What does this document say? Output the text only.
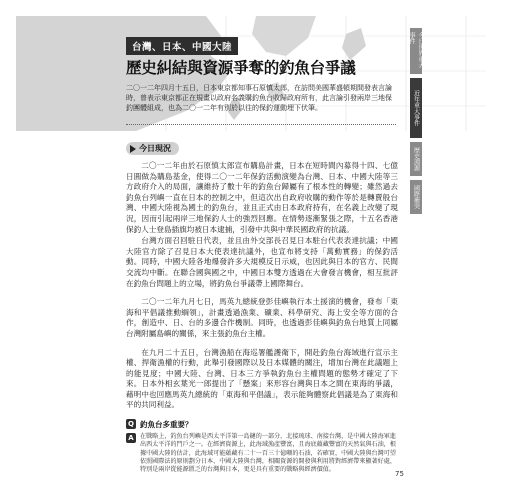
台灣、日本、中國大陸
歷史糾結與資源爭奪的釣魚台爭議
二〇一二年四月十五日，日本東京都知事石原慎太郎，在訪問美國華盛頓期間發表言論時，曾表示東京都正在規畫以政府名義購釣魚台收歸政府所有，此言論引發兩岸三地保釣團體組成，也為二〇一二年有別於以往的保釣運動埋下伏筆。
今日現況

二〇一二年由於石原慎太郎宣布購島計畫，日本在短時間內募得十四、七億日圓做為購島基金，使得二〇一二年保釣活動演變為台灣、日本、中國大陸等三方政府介入的局面，讓維持了數十年的釣魚台歸屬有了根本性的轉變；雖然過去釣魚台列嶼一直在日本的控制之中，但這次出自政府收購的動作等於是轉賣般台灣、中國大陸視為國土的釣魚台，並且正式由日本政府持有，在名義上改變了現況，因而引起兩岸三地保釣人士的強烈回應。在情勢逐漸緊張之際，十五名香港保釣人士登島插旗均被日本逮捕，引發中共與中華民國政府的抗議。

台灣方面召回駐日代表，並且由外交部長召見日本駐台代表表達抗議；中國大陸官方除了召見日本大使表達抗議外，也宣布將支持「萬動實務」的保釣活動。同時，中國大陸各地爆發許多大規模反日示威，也因此與日本的官方、民間交流均中斷。在聯合國與國之中，中國日本雙方透過在大會發言機會，相互批評在釣魚台問題上的立場，將釣魚台爭議帶上國際舞台。

二〇一二年九月七日，馬英九總統登彭佳嶼執行本土援演的機會，發布「東海和平倡議推動綱領」，計畫透過漁業、礦業、科學研究、海上安全等方面的合作，創造中、日、台的多邊合作機制。同時，也透過彭佳嶼與釣魚台地質上同屬台灣附屬島嶼的關係，來主張釣魚台主權。

在九月二十五日，台灣漁船在海巡署艦護衛下，開赴釣魚台海域進行宣示主權、捍衛漁權的行動，此舉引發國際以及日本媒體的關注，增加台灣在此議題上的能見度；中國大陸、台灣、日本三方爭執釣魚台主權問題的態勢才確定了下來。日本外相玄葉光一郎提出了「懸案」來形容台灣與日本之間在東海的爭議，藉明中也回應馬英九總統的「東海和平倡議」，表示能夠體察此倡議是為了東海和平的共同利益。

Q 釣魚台多重要？
A	在戰略上，釣魚台列嶼是西太平洋第一島鏈的一部分，北接琉球、南接台灣，是中國大陸海軍進出西太平洋的門戶之一。在經濟資源上，此海域漁產豐富，且海底蘊藏豐富的天然氣與石油，根據中國大陸的估計，此海域可能蘊藏有二十一百三十億噸的石油，若確實，中國大陸與台灣可望依照國際法的原則劃分日本、中國大陸與台灣，相關資源的開發與利用將對經濟帶來顯著好處，特別是兩岸從能源匱乏的台灣與日本，更是具有重要的戰略與經濟價值。
今日世界重大事件
近年重大事件
歷史淵源
國際衝突
75
